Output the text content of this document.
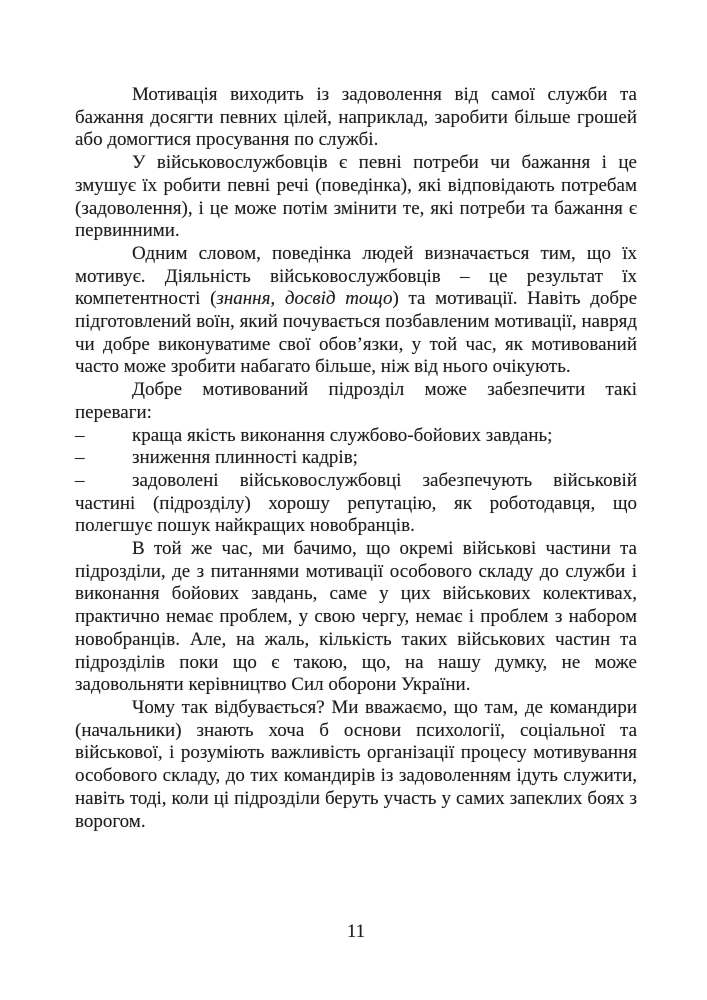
Мотивація виходить із задоволення від самої служби та бажання досягти певних цілей, наприклад, заробити більше грошей або домогтися просування по службі.

У військовослужбовців є певні потреби чи бажання і це змушує їх робити певні речі (поведінка), які відповідають потребам (задоволення), і це може потім змінити те, які потреби та бажання є первинними.

Одним словом, поведінка людей визначається тим, що їх мотивує. Діяльність військовослужбовців – це результат їх компетентності (знання, досвід тощо) та мотивації. Навіть добре підготовлений воїн, який почувається позбавленим мотивації, навряд чи добре виконуватиме свої обов’язки, у той час, як мотивований часто може зробити набагато більше, ніж від нього очікують.

Добре мотивований підрозділ може забезпечити такі переваги:

–	краща якість виконання службово-бойових завдань;

–	зниження плинності кадрів;

–	задоволені військовослужбовці забезпечують військовій частині (підрозділу) хорошу репутацію, як роботодавця, що полегшує пошук найкращих новобранців.

В той же час, ми бачимо, що окремі військові частини та підрозділи, де з питаннями мотивації особового складу до служби і виконання бойових завдань, саме у цих військових колективах, практично немає проблем, у свою чергу, немає і проблем з набором новобранців. Але, на жаль, кількість таких військових частин та підрозділів поки що є такою, що, на нашу думку, не може задовольняти керівництво Сил оборони України.

Чому так відбувається? Ми вважаємо, що там, де командири (начальники) знають хоча б основи психології, соціальної та військової, і розуміють важливість організації процесу мотивування особового складу, до тих командирів із задоволенням ідуть служити, навіть тоді, коли ці підрозділи беруть участь у самих запеклих боях з ворогом.

11
